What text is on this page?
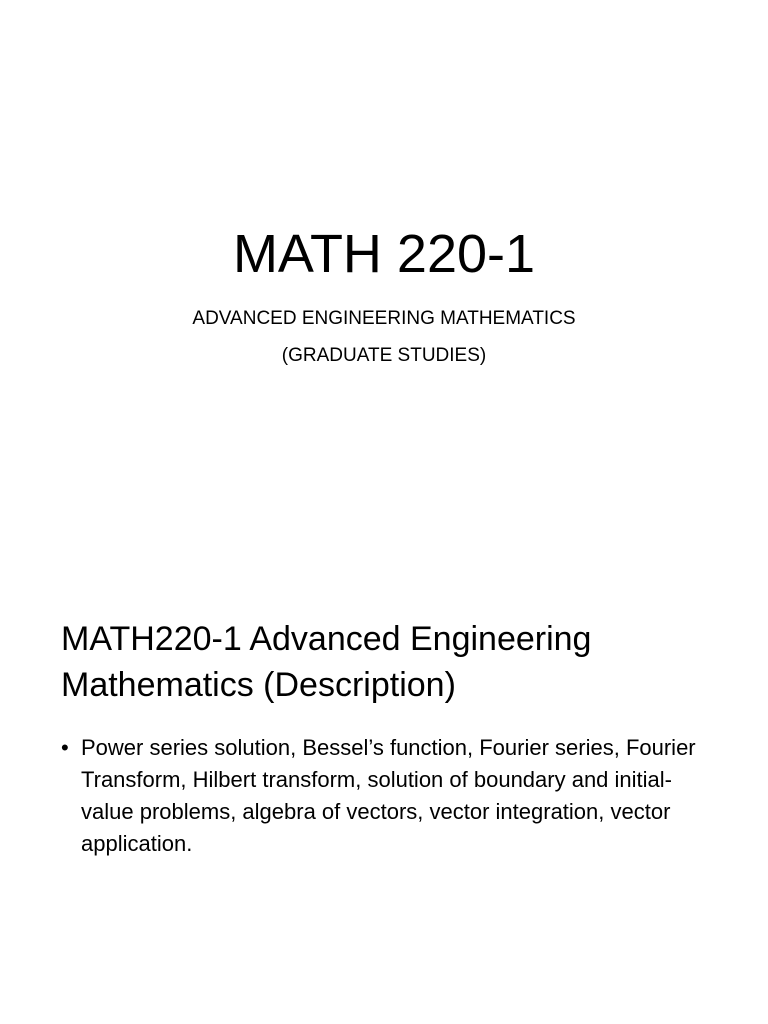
MATH 220-1

ADVANCED ENGINEERING MATHEMATICS

(GRADUATE STUDIES)

MATH220-1 Advanced Engineering Mathematics (Description)
• Power series solution, Bessel’s function, Fourier series, Fourier Transform, Hilbert transform, solution of boundary and initial-value problems, algebra of vectors, vector integration, vector application.
